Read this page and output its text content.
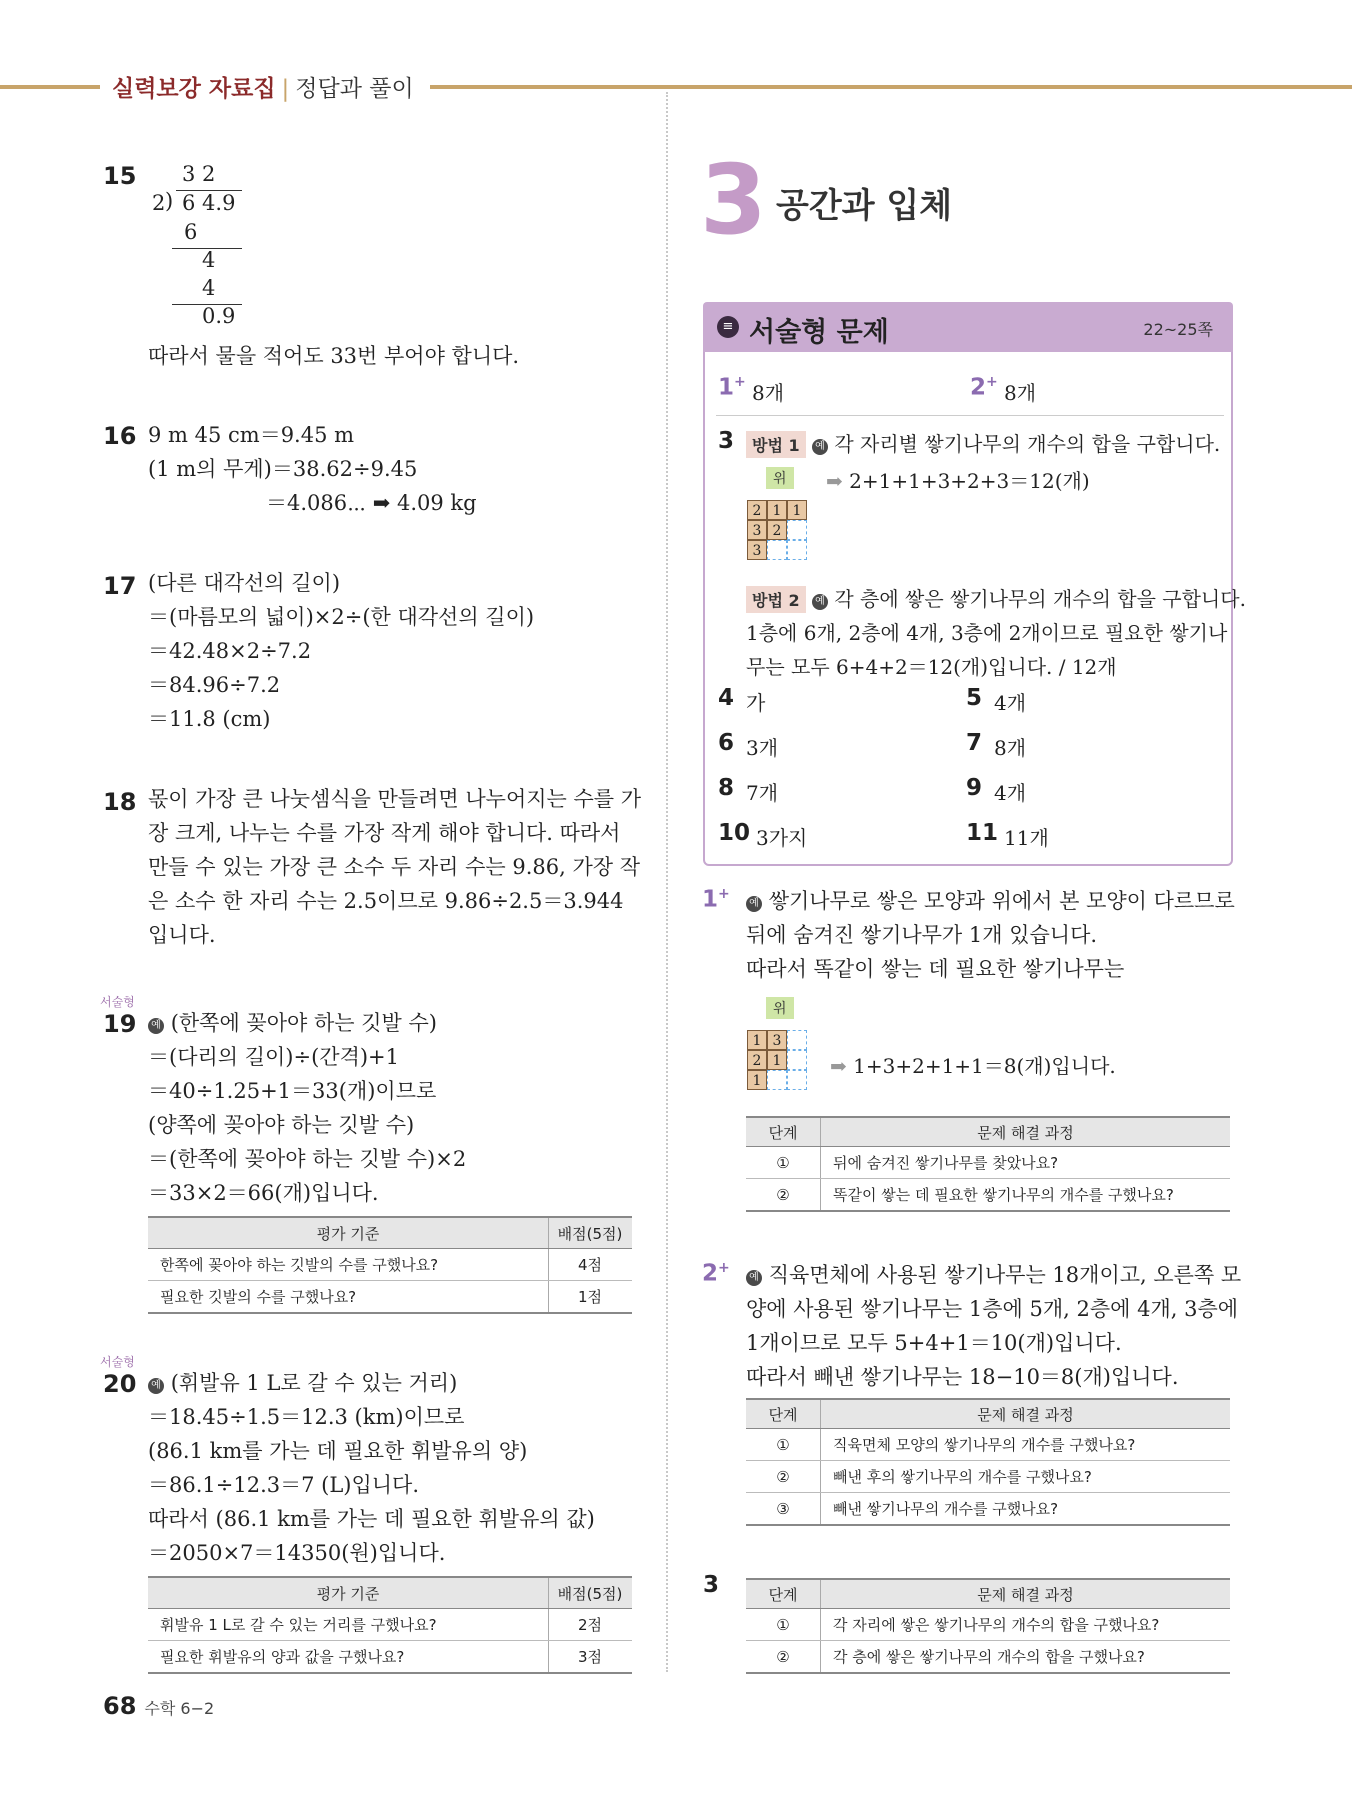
실력보강 자료집 | 정답과 풀이
15 3 2
2 ) 6 4.9
6
4
4
0.9
따라서 물을 적어도 33번 부어야 합니다.
16 9 m 45 cm＝9.45 m
(1 m의 무게)＝38.62÷9.45
＝4.086⋯ ➡ 4.09 kg
17 (다른 대각선의 길이)
＝(마름모의 넓이)×2÷(한 대각선의 길이)
＝42.48×2÷7.2
＝84.96÷7.2
＝11.8 (cm)
18 몫이 가장 큰 나눗셈식을 만들려면 나누어지는 수를 가
장 크게, 나누는 수를 가장 작게 해야 합니다. 따라서
만들 수 있는 가장 큰 소수 두 자리 수는 9.86, 가장 작
은 소수 한 자리 수는 2.5이므로 9.86÷2.5＝3.944
입니다.
서술형
19	예 (한쪽에 꽂아야 하는 깃발 수)
＝(다리의 길이)÷(간격)+1
＝40÷1.25+1＝33(개)이므로
(양쪽에 꽂아야 하는 깃발 수)
＝(한쪽에 꽂아야 하는 깃발 수)×2
＝33×2＝66(개)입니다.
평가 기준	배점(5점)
한쪽에 꽂아야 하는 깃발의 수를 구했나요?	4점
필요한 깃발의 수를 구했나요?	1점
서술형
20	예 (휘발유 1 L로 갈 수 있는 거리)
＝18.45÷1.5＝12.3 (km)이므로
(86.1 km를 가는 데 필요한 휘발유의 양)
＝86.1÷12.3＝7 (L)입니다.
따라서 (86.1 km를 가는 데 필요한 휘발유의 값)
＝2050×7＝14350(원)입니다.
평가 기준	배점(5점)
휘발유 1 L로 갈 수 있는 거리를 구했나요?	2점
필요한 휘발유의 양과 값을 구했나요?	3점
68 수학 6−2
3 공간과 입체
≡ 서술형 문제	22~25쪽
1+ 8개	2+ 8개
3	방법 1 예 각 자리별 쌓기나무의 개수의 합을 구합니다.
위	➡ 2+1+1+3+2+3＝12(개)
2 1 1
3 2
3
방법 2 예 각 층에 쌓은 쌓기나무의 개수의 합을 구합니다.
1층에 6개, 2층에 4개, 3층에 2개이므로 필요한 쌓기나
무는 모두 6+4+2＝12(개)입니다. / 12개
4 가	5 4개
6 3개	7 8개
8 7개	9 4개
10 3가지	11 11개
1+
예 쌓기나무로 쌓은 모양과 위에서 본 모양이 다르므로
뒤에 숨겨진 쌓기나무가 1개 있습니다.
따라서 똑같이 쌓는 데 필요한 쌓기나무는
위
1 3
2 1
1
➡ 1+3+2+1+1＝8(개)입니다.
단계	문제 해결 과정
①	뒤에 숨겨진 쌓기나무를 찾았나요?
②	똑같이 쌓는 데 필요한 쌓기나무의 개수를 구했나요?
2+
예 직육면체에 사용된 쌓기나무는 18개이고, 오른쪽 모
양에 사용된 쌓기나무는 1층에 5개, 2층에 4개, 3층에
1개이므로 모두 5+4+1＝10(개)입니다.
따라서 빼낸 쌓기나무는 18−10＝8(개)입니다.
단계	문제 해결 과정
①	직육면체 모양의 쌓기나무의 개수를 구했나요?
②	빼낸 후의 쌓기나무의 개수를 구했나요?
③	빼낸 쌓기나무의 개수를 구했나요?
3	단계	문제 해결 과정
①	각 자리에 쌓은 쌓기나무의 개수의 합을 구했나요?
②	각 층에 쌓은 쌓기나무의 개수의 합을 구했나요?
